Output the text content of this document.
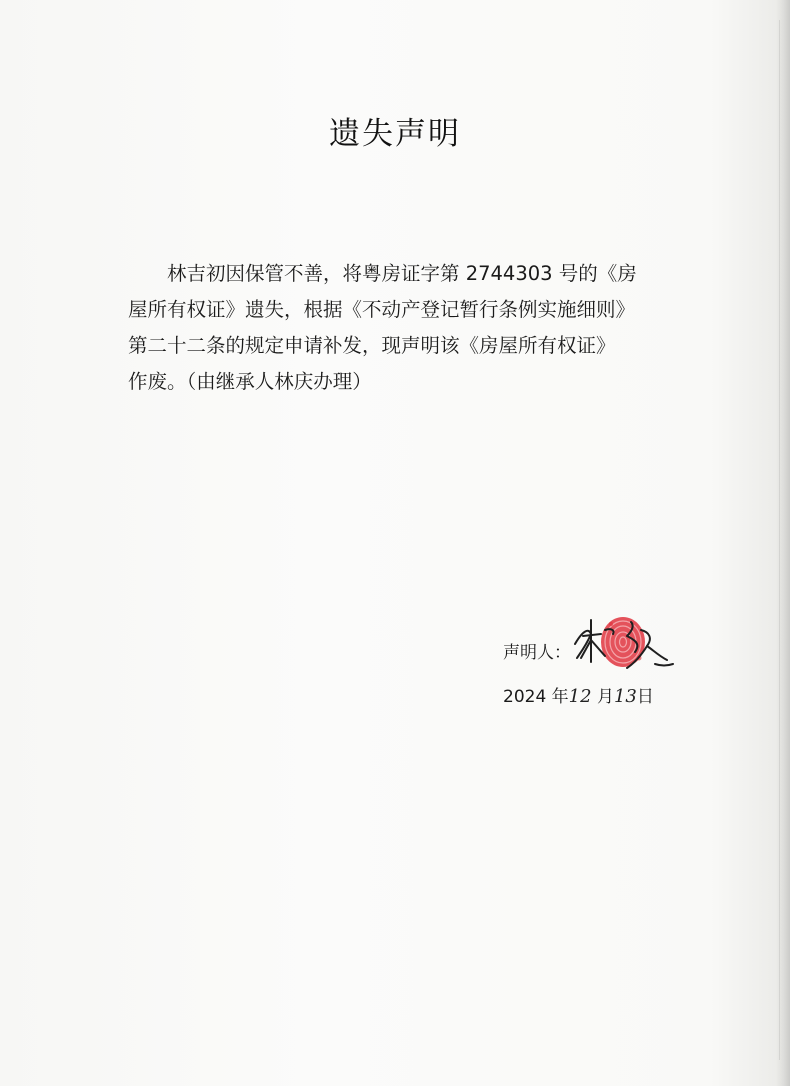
遗失声明
林吉初因保管不善，将粤房证字第 2744303 号的《房
屋所有权证》遗失，根据《不动产登记暂行条例实施细则》
第二十二条的规定申请补发，现声明该《房屋所有权证》
作废。（由继承人林庆办理）
声明人：
2024 年12 月13日
